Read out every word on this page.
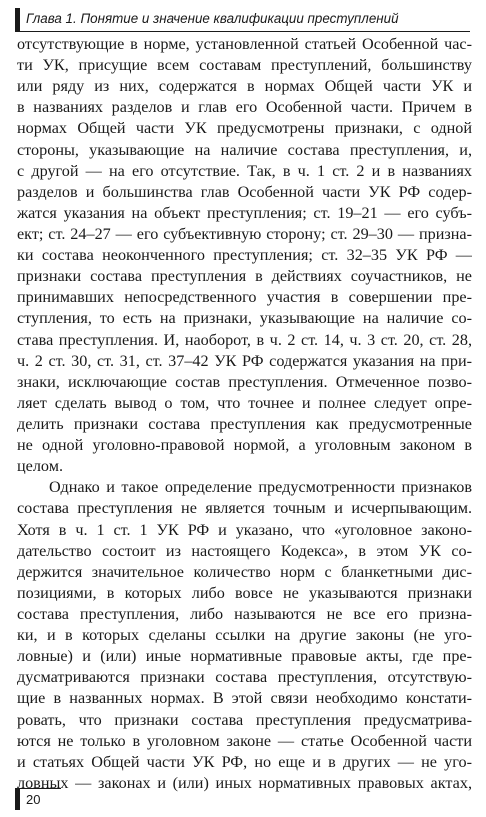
Глава 1. Понятие и значение квалификации преступлений
отсутствующие в норме, установленной статьей Особенной час-
ти УК, присущие всем составам преступлений, большинству
или ряду из них, содержатся в нормах Общей части УК и
в названиях разделов и глав его Особенной части. Причем в
нормах Общей части УК предусмотрены признаки, с одной
стороны, указывающие на наличие состава преступления, и,
с другой — на его отсутствие. Так, в ч. 1 ст. 2 и в названиях
разделов и большинства глав Особенной части УК РФ содер-
жатся указания на объект преступления; ст. 19–21 — его субъ-
ект; ст. 24–27 — его субъективную сторону; ст. 29–30 — призна-
ки состава неоконченного преступления; ст. 32–35 УК РФ —
признаки состава преступления в действиях соучастников, не
принимавших непосредственного участия в совершении пре-
ступления, то есть на признаки, указывающие на наличие со-
става преступления. И, наоборот, в ч. 2 ст. 14, ч. 3 ст. 20, ст. 28,
ч. 2 ст. 30, ст. 31, ст. 37–42 УК РФ содержатся указания на при-
знаки, исключающие состав преступления. Отмеченное позво-
ляет сделать вывод о том, что точнее и полнее следует опре-
делить признаки состава преступления как предусмотренные
не одной уголовно-правовой нормой, а уголовным законом в
целом.
Однако и такое определение предусмотренности признаков
состава преступления не является точным и исчерпывающим.
Хотя в ч. 1 ст. 1 УК РФ и указано, что «уголовное законо-
дательство состоит из настоящего Кодекса», в этом УК со-
держится значительное количество норм с бланкетными дис-
позициями, в которых либо вовсе не указываются признаки
состава преступления, либо называются не все его призна-
ки, и в которых сделаны ссылки на другие законы (не уго-
ловные) и (или) иные нормативные правовые акты, где пре-
дусматриваются признаки состава преступления, отсутствую-
щие в названных нормах. В этой связи необходимо констати-
ровать, что признаки состава преступления предусматрива-
ются не только в уголовном законе — статье Особенной части
и статьях Общей части УК РФ, но еще и в других — не уго-
ловных — законах и (или) иных нормативных правовых актах,
20
